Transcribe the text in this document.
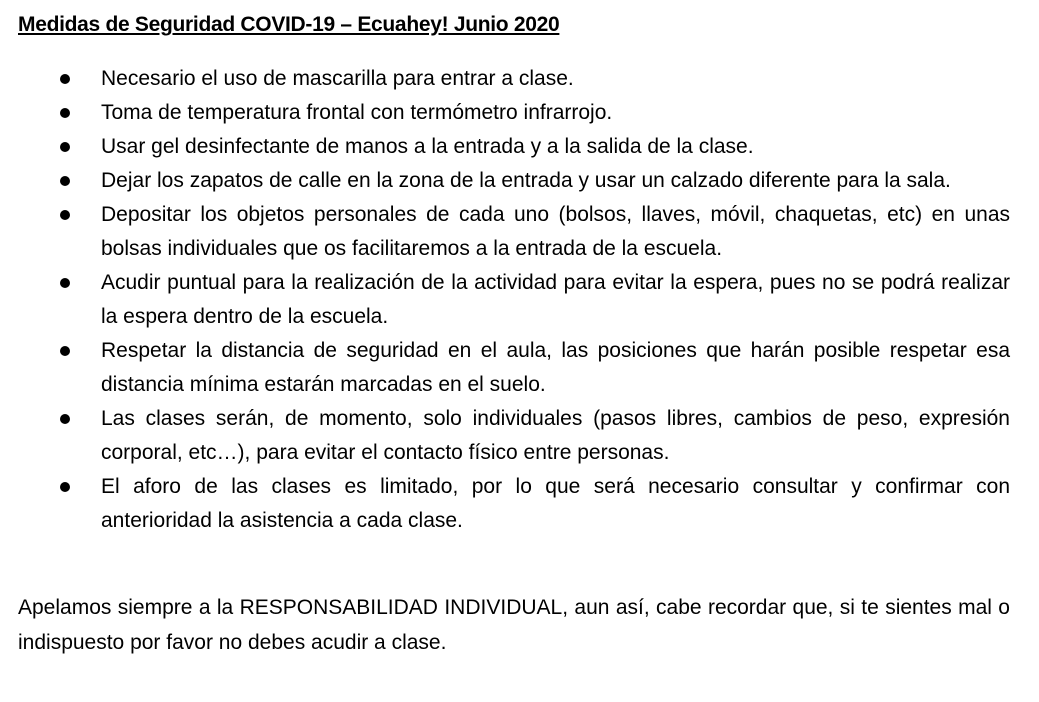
Medidas de Seguridad COVID-19 – Ecuahey! Junio 2020
Necesario el uso de mascarilla para entrar a clase.
Toma de temperatura frontal con termómetro infrarrojo.
Usar gel desinfectante de manos a la entrada y a la salida de la clase.
Dejar los zapatos de calle en la zona de la entrada y usar un calzado diferente para la sala.
Depositar los objetos personales de cada uno (bolsos, llaves, móvil, chaquetas, etc) en unas bolsas individuales que os facilitaremos a la entrada de la escuela.
Acudir puntual para la realización de la actividad para evitar la espera, pues no se podrá realizar la espera dentro de la escuela.
Respetar la distancia de seguridad en el aula, las posiciones que harán posible respetar esa distancia mínima estarán marcadas en el suelo.
Las clases serán, de momento, solo individuales (pasos libres, cambios de peso, expresión corporal, etc…), para evitar el contacto físico entre personas.
El aforo de las clases es limitado, por lo que será necesario consultar y confirmar con anterioridad la asistencia a cada clase.

Apelamos siempre a la RESPONSABILIDAD INDIVIDUAL, aun así, cabe recordar que, si te sientes mal o indispuesto por favor no debes acudir a clase.
